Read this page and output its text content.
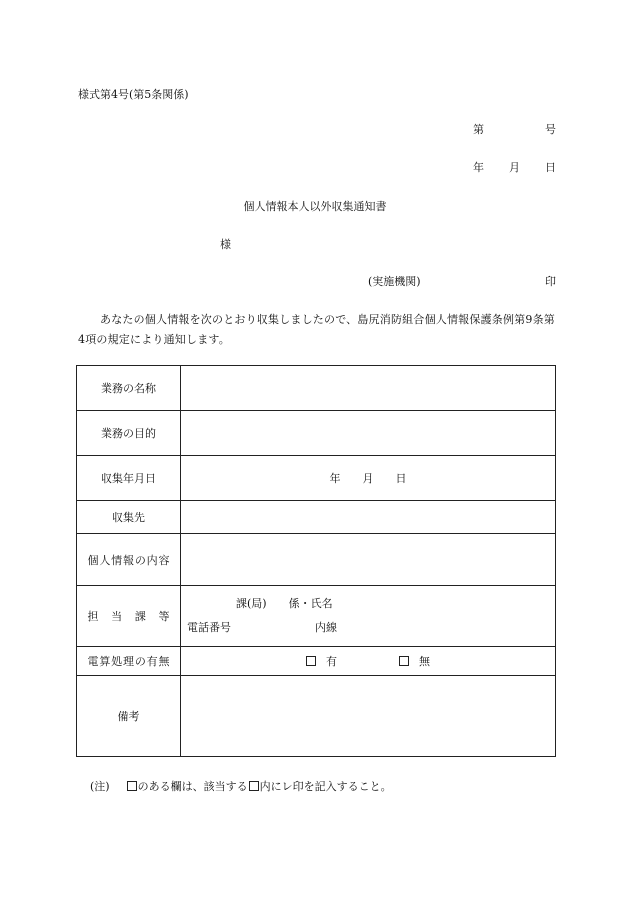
様式第4号(第5条関係)
第	号
年 月 日
個人情報本人以外収集通知書
様
(実施機関)	印
あなたの個人情報を次のとおり収集しましたので、島尻消防組合個人情報保護条例第9条第4項の規定により通知します。
業務の名称	
業務の目的	
収集年月日	年 月 日
収集先	
個人情報の内容	
担当課等	課(局) 係・氏名
電話番号 内線

電算処理の有無	有 無
備考	
(注)	のある欄は、該当する 内にレ印を記入すること。
